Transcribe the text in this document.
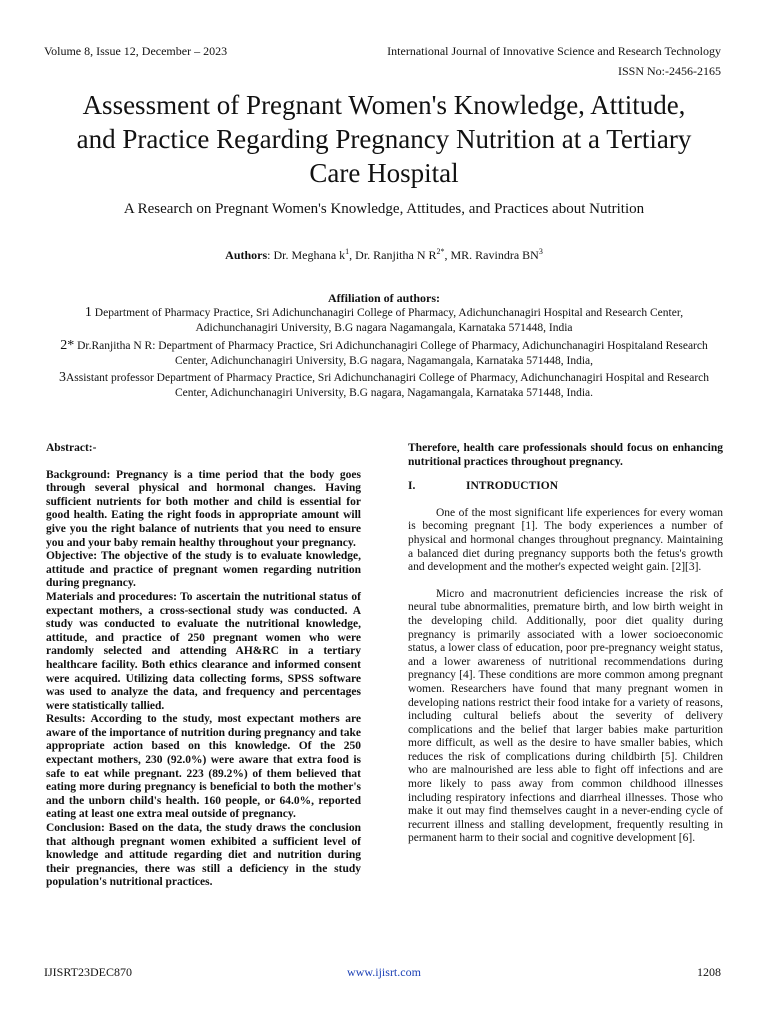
Volume 8, Issue 12, December – 2023	International Journal of Innovative Science and Research Technology
ISSN No:-2456-2165
Assessment of Pregnant Women's Knowledge, Attitude, and Practice Regarding Pregnancy Nutrition at a Tertiary Care Hospital

A Research on Pregnant Women's Knowledge, Attitudes, and Practices about Nutrition

Authors: Dr. Meghana $k^1$, Dr. Ranjitha N $R^{2*}$, MR. Ravindra $BN^3$
Affiliation of authors:
1 Department of Pharmacy Practice, Sri Adichunchanagiri College of Pharmacy, Adichunchanagiri Hospital and Research Center, Adichunchanagiri University, B.G nagara Nagamangala, Karnataka 571448, India
2* Dr.Ranjitha N R: Department of Pharmacy Practice, Sri Adichunchanagiri College of Pharmacy, Adichunchanagiri Hospitaland Research Center, Adichunchanagiri University, B.G nagara, Nagamangala, Karnataka 571448, India,
3Assistant professor Department of Pharmacy Practice, Sri Adichunchanagiri College of Pharmacy, Adichunchanagiri Hospital and Research Center, Adichunchanagiri University, B.G nagara, Nagamangala, Karnataka 571448, India.

Abstract:-

Background: Pregnancy is a time period that the body goes through several physical and hormonal changes. Having sufficient nutrients for both mother and child is essential for good health. Eating the right foods in appropriate amount will give you the right balance of nutrients that you need to ensure you and your baby remain healthy throughout your pregnancy.

Objective: The objective of the study is to evaluate knowledge, attitude and practice of pregnant women regarding nutrition during pregnancy.

Materials and procedures: To ascertain the nutritional status of expectant mothers, a cross-sectional study was conducted. A study was conducted to evaluate the nutritional knowledge, attitude, and practice of 250 pregnant women who were randomly selected and attending AH&RC in a tertiary healthcare facility. Both ethics clearance and informed consent were acquired. Utilizing data collecting forms, SPSS software was used to analyze the data, and frequency and percentages were statistically tallied.

Results: According to the study, most expectant mothers are aware of the importance of nutrition during pregnancy and take appropriate action based on this knowledge. Of the 250 expectant mothers, 230 (92.0%) were aware that extra food is safe to eat while pregnant. 223 (89.2%) of them believed that eating more during pregnancy is beneficial to both the mother's and the unborn child's health. 160 people, or 64.0%, reported eating at least one extra meal outside of pregnancy.

Conclusion: Based on the data, the study draws the conclusion that although pregnant women exhibited a sufficient level of knowledge and attitude regarding diet and nutrition during their pregnancies, there was still a deficiency in the study population's nutritional practices.

Therefore, health care professionals should focus on enhancing nutritional practices throughout pregnancy.

I.	INTRODUCTION

One of the most significant life experiences for every woman is becoming pregnant [1]. The body experiences a number of physical and hormonal changes throughout pregnancy. Maintaining a balanced diet during pregnancy supports both the fetus's growth and development and the mother's expected weight gain. [2][3].

Micro and macronutrient deficiencies increase the risk of neural tube abnormalities, premature birth, and low birth weight in the developing child. Additionally, poor diet quality during pregnancy is primarily associated with a lower socioeconomic status, a lower class of education, poor pre-pregnancy weight status, and a lower awareness of nutritional recommendations during pregnancy [4]. These conditions are more common among pregnant women. Researchers have found that many pregnant women in developing nations restrict their food intake for a variety of reasons, including cultural beliefs about the severity of delivery complications and the belief that larger babies make parturition more difficult, as well as the desire to have smaller babies, which reduces the risk of complications during childbirth [5]. Children who are malnourished are less able to fight off infections and are more likely to pass away from common childhood illnesses including respiratory infections and diarrheal illnesses. Those who make it out may find themselves caught in a never-ending cycle of recurrent illness and stalling development, frequently resulting in permanent harm to their social and cognitive development [6].

IJISRT23DEC870	www.ijisrt.com	1208
